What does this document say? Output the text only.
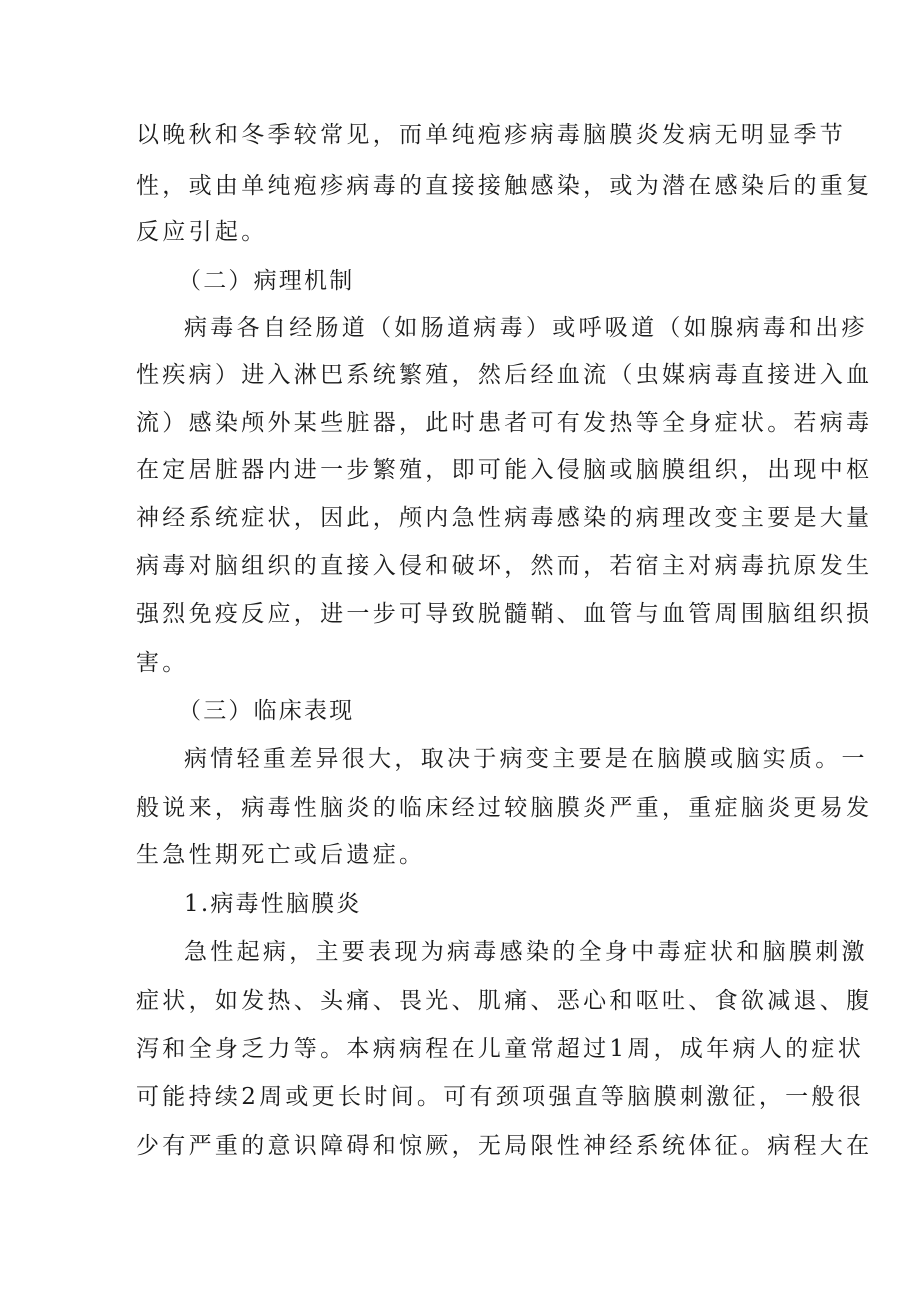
以晚秋和冬季较常见，而单纯疱疹病毒脑膜炎发病无明显季节
性，或由单纯疱疹病毒的直接接触感染，或为潜在感染后的重复
反应引起。
（二）病理机制
病毒各自经肠道（如肠道病毒）或呼吸道（如腺病毒和出疹
性疾病）进入淋巴系统繁殖，然后经血流（虫媒病毒直接进入血
流）感染颅外某些脏器，此时患者可有发热等全身症状。若病毒
在定居脏器内进一步繁殖，即可能入侵脑或脑膜组织，出现中枢
神经系统症状，因此，颅内急性病毒感染的病理改变主要是大量
病毒对脑组织的直接入侵和破坏，然而，若宿主对病毒抗原发生
强烈免疫反应，进一步可导致脱髓鞘、血管与血管周围脑组织损
害。
（三）临床表现
病情轻重差异很大，取决于病变主要是在脑膜或脑实质。一
般说来，病毒性脑炎的临床经过较脑膜炎严重，重症脑炎更易发
生急性期死亡或后遗症。
1.病毒性脑膜炎
急性起病，主要表现为病毒感染的全身中毒症状和脑膜刺激
症状，如发热、头痛、畏光、肌痛、恶心和呕吐、食欲减退、腹
泻和全身乏力等。本病病程在儿童常超过1周，成年病人的症状
可能持续2周或更长时间。可有颈项强直等脑膜刺激征，一般很
少有严重的意识障碍和惊厥，无局限性神经系统体征。病程大在
